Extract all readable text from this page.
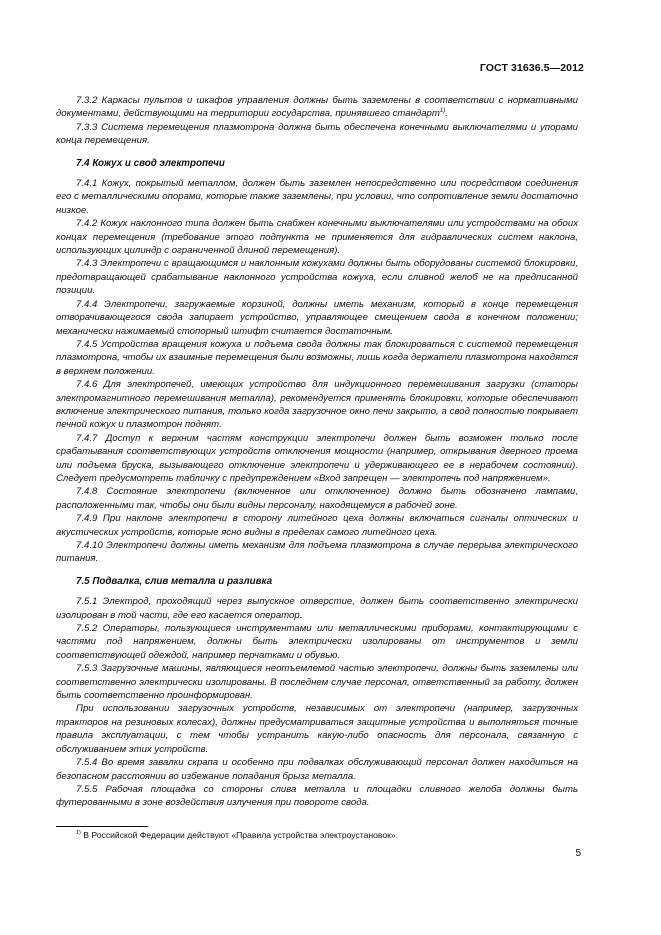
ГОСТ 31636.5—2012

7.3.2 Каркасы пультов и шкафов управления должны быть заземлены в соответствии с нормативными документами, действующими на территории государства, принявшего стандарт$^{1)}$.

7.3.3 Система перемещения плазмотрона должна быть обеспечена конечными выключателями и упорами конца перемещения.

7.4 Кожух и свод электропечи

7.4.1 Кожух, покрытый металлом, должен быть заземлен непосредственно или посредством соединения его с металлическими опорами, которые также заземлены, при условии, что сопротивление земли достаточно низкое.

7.4.2 Кожух наклонного типа должен быть снабжен конечными выключателями или устройствами на обоих концах перемещения (требование этого подпункта не применяется для гидравлических систем наклона, использующих цилиндр с ограниченной длиной перемещения).

7.4.3 Электропечи с вращающимся и наклонным кожухами должны быть оборудованы системой блокировки, предотвращающей срабатывание наклонного устройства кожуха, если сливной желоб не на предписанной позиции.

7.4.4 Электропечи, загружаемые корзиной, должны иметь механизм, который в конце перемещения отворачивающегося свода запирает устройство, управляющее смещением свода в конечном положении; механически нажимаемый стопорный штифт считается достаточным.

7.4.5 Устройства вращения кожуха и подъема свода должны так блокироваться с системой перемещения плазмотрона, чтобы их взаимные перемещения были возможны, лишь когда держатели плазмотрона находятся в верхнем положении.

7.4.6 Для электропечей, имеющих устройство для индукционного перемешивания загрузки (статоры электромагнитного перемешивания металла), рекомендуется применять блокировки, которые обеспечивают включение электрического питания, только когда загрузочное окно печи закрыто, а свод полностью покрывает печной кожух и плазмотрон поднят.

7.4.7 Доступ к верхним частям конструкции электропечи должен быть возможен только после срабатывания соответствующих устройств отключения мощности (например, открывания дверного проема или подъема бруска, вызывающего отключение электропечи и удерживающего ее в нерабочем состоянии). Следует предусмотреть табличку с предупреждением «Вход запрещен — электропечь под напряжением».

7.4.8 Состояние электропечи (включенное или отключенное) должно быть обозначено лампами, расположенными так, чтобы они были видны персоналу, находящемуся в рабочей зоне.

7.4.9 При наклоне электропечи в сторону литейного цеха должны включаться сигналы оптических и акустических устройств, которые ясно видны в пределах самого литейного цеха.

7.4.10 Электропечи должны иметь механизм для подъема плазмотрона в случае перерыва электрического питания.

7.5 Подвалка, слив металла и разливка

7.5.1 Электрод, проходящий через выпускное отверстие, должен быть соответственно электрически изолирован в той части, где его касается оператор.

7.5.2 Операторы, пользующиеся инструментами или металлическими приборами, контактирующими с частями под напряжением, должны быть электрически изолированы от инструментов и земли соответствующей одеждой, например перчатками и обувью.

7.5.3 Загрузочные машины, являющиеся неотъемлемой частью электропечи, должны быть заземлены или соответственно электрически изолированы. В последнем случае персонал, ответственный за работу, должен быть соответственно проинформирован.

При использовании загрузочных устройств, независимых от электропечи (например, загрузочных тракторов на резиновых колесах), должны предусматриваться защитные устройства и выполняться точные правила эксплуатации, с тем чтобы устранить какую-либо опасность для персонала, связанную с обслуживанием этих устройств.

7.5.4 Во время завалки скрапа и особенно при подвалках обслуживающий персонал должен находиться на безопасном расстоянии во избежание попадания брызг металла.

7.5.5 Рабочая площадка со стороны слива металла и площадки сливного желоба должны быть футерованными в зоне воздействия излучения при повороте свода.

$^{1)}$ В Российской Федерации действуют «Правила устройства электроустановок».
5
